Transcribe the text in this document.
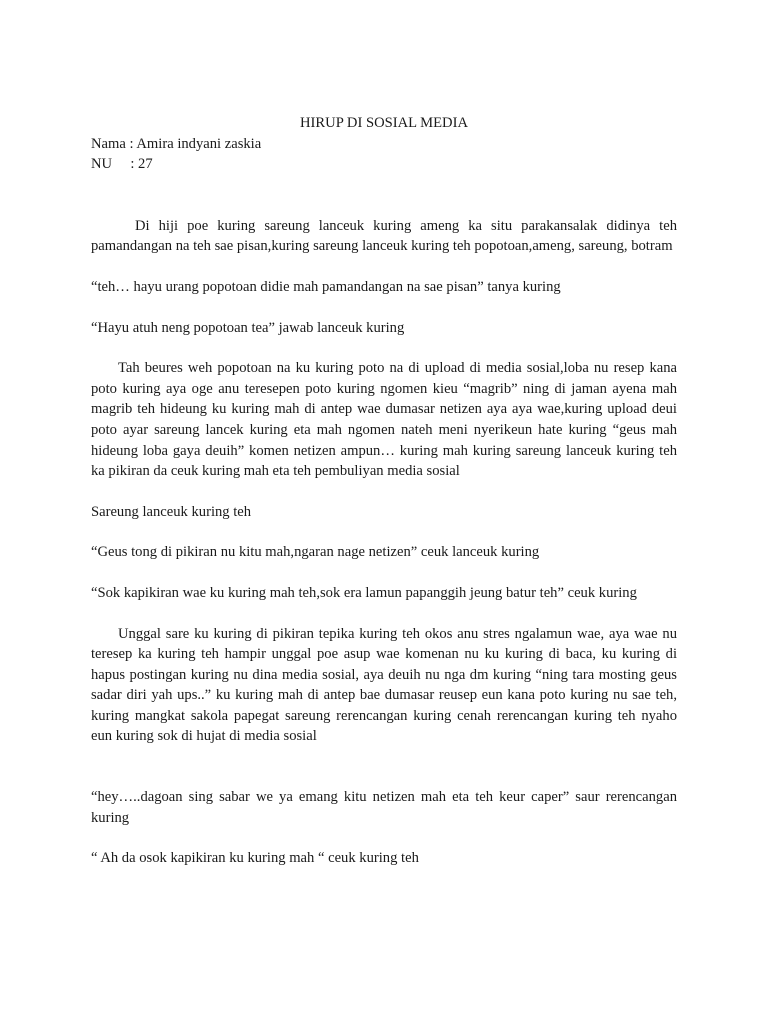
HIRUP DI SOSIAL MEDIA

Nama : Amira indyani zaskia

NU     : 27

Di hiji poe kuring sareung lanceuk kuring ameng ka situ parakansalak didinya teh pamandangan na teh sae pisan,kuring sareung lanceuk kuring teh popotoan,ameng, sareung, botram

“teh… hayu urang popotoan didie mah pamandangan na sae pisan” tanya kuring

“Hayu atuh neng popotoan tea” jawab lanceuk kuring

Tah beures weh popotoan na ku kuring poto na di upload di media sosial,loba nu resep kana poto kuring aya oge anu teresepen poto kuring ngomen kieu “magrib” ning di jaman ayena mah magrib teh hideung ku kuring mah di antep wae dumasar netizen aya aya wae,kuring upload deui poto ayar sareung lancek kuring eta mah ngomen nateh meni nyerikeun hate kuring “geus mah hideung loba gaya deuih” komen netizen ampun… kuring mah kuring sareung lanceuk kuring teh ka pikiran da ceuk kuring mah eta teh pembuliyan media sosial

Sareung lanceuk kuring teh

“Geus tong di pikiran nu kitu mah,ngaran nage netizen” ceuk lanceuk kuring

“Sok kapikiran wae ku kuring mah teh,sok era lamun papanggih jeung batur teh” ceuk kuring

Unggal sare ku kuring di pikiran tepika kuring teh okos anu stres ngalamun wae, aya wae nu teresep ka kuring teh hampir unggal poe asup wae komenan nu ku kuring di baca, ku kuring di hapus postingan kuring nu dina media sosial, aya deuih nu nga dm kuring “ning tara mosting geus sadar diri yah ups..” ku kuring mah di antep bae dumasar reusep eun kana poto kuring nu sae teh, kuring mangkat sakola papegat sareung rerencangan kuring cenah rerencangan kuring teh nyaho eun kuring sok di hujat di media sosial

“hey…..dagoan sing sabar we ya emang kitu netizen mah eta teh keur caper” saur rerencangan kuring

“ Ah da osok kapikiran ku kuring mah “ ceuk kuring teh
